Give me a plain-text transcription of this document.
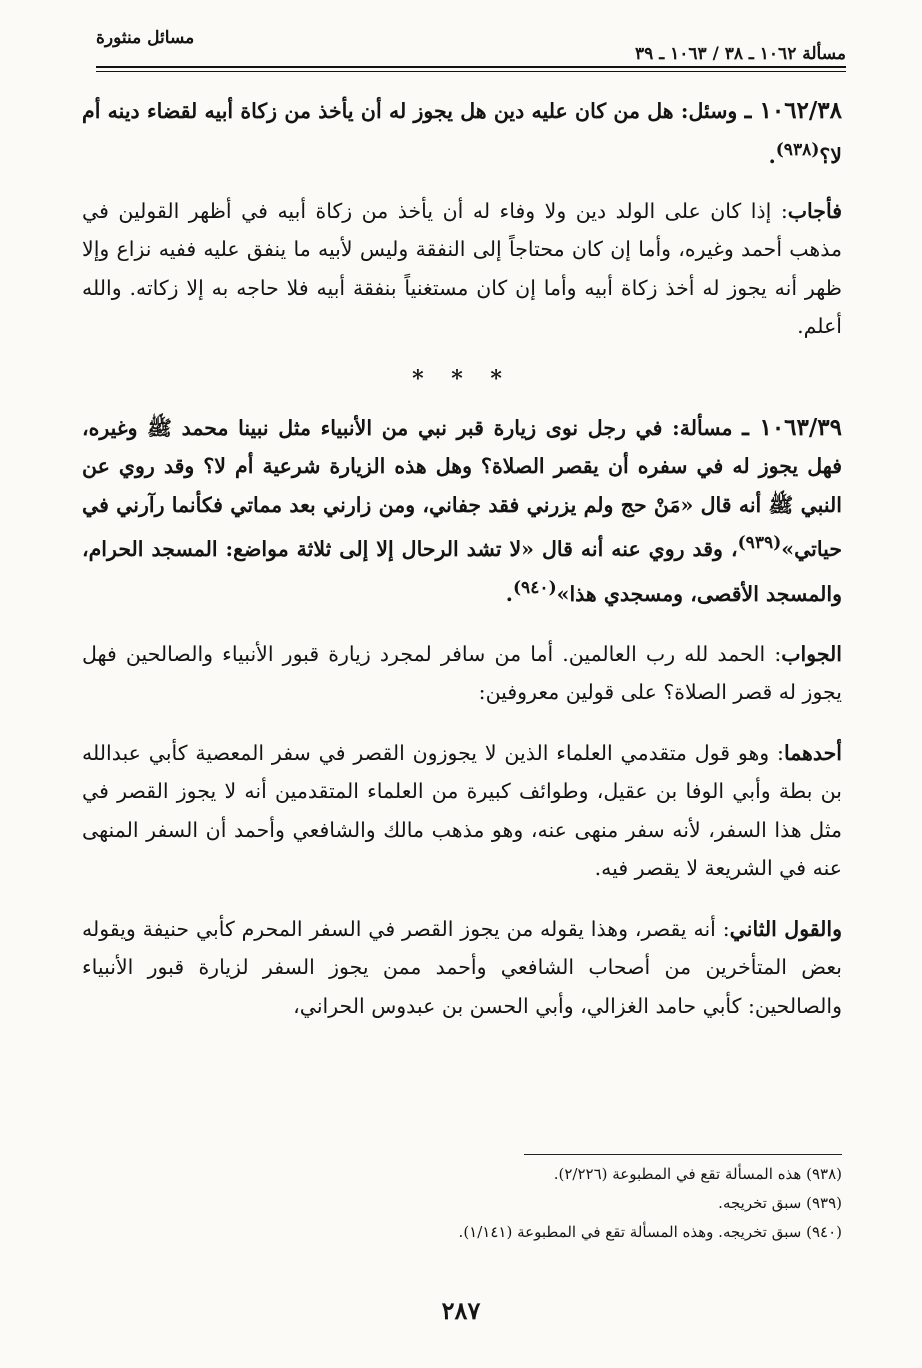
مسألة ١٠٦٢ ـ ٣٨ / ١٠٦٣ ـ ٣٩
مسائل منثورة

١٠٦٢/٣٨ ـ وسئل: هل من كان عليه دين هل يجوز له أن يأخذ من زكاة أبيه لقضاء دينه أم لا؟$^{(٩٣٨)}$.

فأجاب: إذا كان على الولد دين ولا وفاء له أن يأخذ من زكاة أبيه في أظهر القولين في مذهب أحمد وغيره، وأما إن كان محتاجاً إلى النفقة وليس لأبيه ما ينفق عليه ففيه نزاع وإلا ظهر أنه يجوز له أخذ زكاة أبيه وأما إن كان مستغنياً بنفقة أبيه فلا حاجه به إلا زكاته. والله أعلم.

* * *

١٠٦٣/٣٩ ـ مسألة: في رجل نوى زيارة قبر نبي من الأنبياء مثل نبينا محمد ﷺ وغيره، فهل يجوز له في سفره أن يقصر الصلاة؟ وهل هذه الزيارة شرعية أم لا؟ وقد روي عن النبي ﷺ أنه قال «مَنْ حج ولم يزرني فقد جفاني، ومن زارني بعد مماتي فكأنما رآرني في حياتي»$^{(٩٣٩)}$، وقد روي عنه أنه قال «لا تشد الرحال إلا إلى ثلاثة مواضع: المسجد الحرام، والمسجد الأقصى، ومسجدي هذا»$^{(٩٤٠)}$.

الجواب: الحمد لله رب العالمين. أما من سافر لمجرد زيارة قبور الأنبياء والصالحين فهل يجوز له قصر الصلاة؟ على قولين معروفين:

أحدهما: وهو قول متقدمي العلماء الذين لا يجوزون القصر في سفر المعصية كأبي عبدالله بن بطة وأبي الوفا بن عقيل، وطوائف كبيرة من العلماء المتقدمين أنه لا يجوز القصر في مثل هذا السفر، لأنه سفر منهى عنه، وهو مذهب مالك والشافعي وأحمد أن السفر المنهى عنه في الشريعة لا يقصر فيه.

والقول الثاني: أنه يقصر، وهذا يقوله من يجوز القصر في السفر المحرم كأبي حنيفة ويقوله بعض المتأخرين من أصحاب الشافعي وأحمد ممن يجوز السفر لزيارة قبور الأنبياء والصالحين: كأبي حامد الغزالي، وأبي الحسن بن عبدوس الحراني،

(٩٣٨) هذه المسألة تقع في المطبوعة (٢/٢٢٦).

(٩٣٩) سبق تخريجه.

(٩٤٠) سبق تخريجه. وهذه المسألة تقع في المطبوعة (١/١٤١).

٢٨٧
